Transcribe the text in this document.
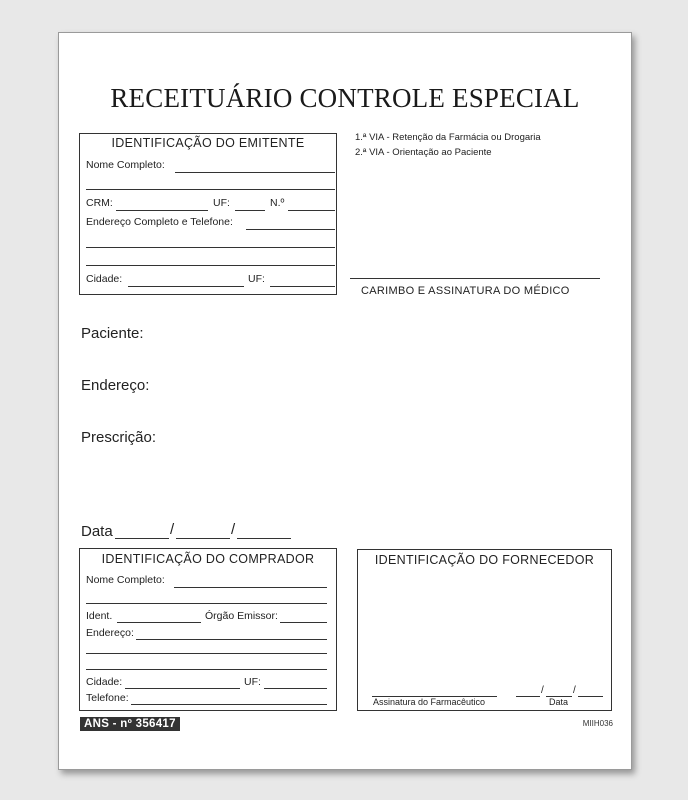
RECEITUÁRIO CONTROLE ESPECIAL
IDENTIFICAÇÃO DO EMITENTE
Nome Completo:
CRM:	UF:	N.º
Endereço Completo e Telefone:
Cidade:	UF:
1.ª VIA - Retenção da Farmácia ou Drogaria
2.ª VIA - Orientação ao Paciente
CARIMBO E ASSINATURA DO MÉDICO
Paciente:
Endereço:
Prescrição:
Data	/	/
IDENTIFICAÇÃO DO COMPRADOR
Nome Completo:
Ident.	Órgão Emissor:
Endereço:
Cidade:	UF:
Telefone:
IDENTIFICAÇÃO DO FORNECEDOR
Assinatura do Farmacêutico
/	/
Data
ANS - nº 356417	MIIH036
